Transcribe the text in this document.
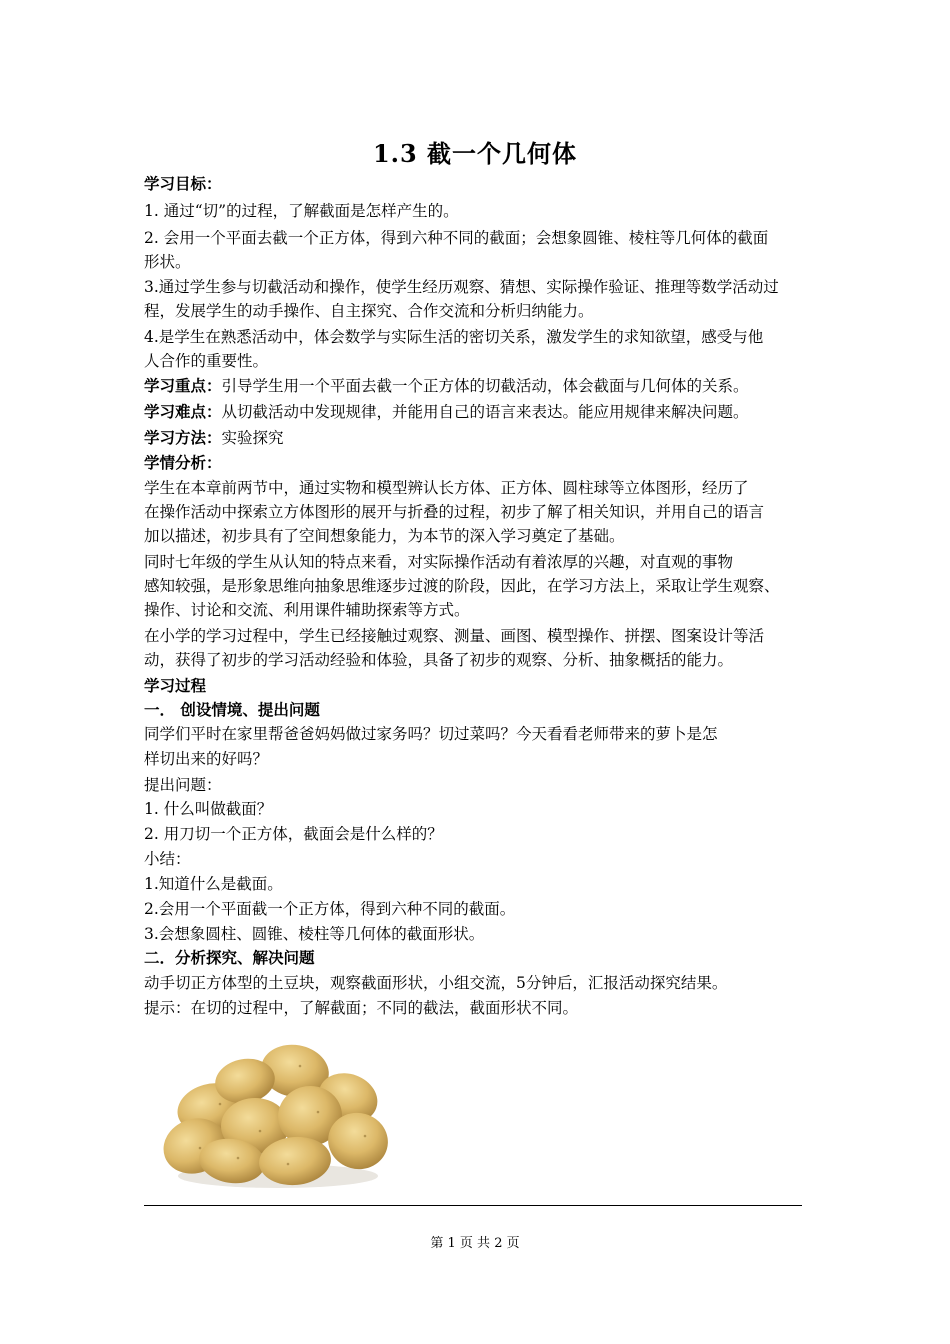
1.3 截一个几何体
学习目标：
1. 通过“切”的过程，了解截面是怎样产生的。
2. 会用一个平面去截一个正方体，得到六种不同的截面；会想象圆锥、棱柱等几何体的截面
形状。
3.通过学生参与切截活动和操作，使学生经历观察、猜想、实际操作验证、推理等数学活动过
程，发展学生的动手操作、自主探究、合作交流和分析归纳能力。
4.是学生在熟悉活动中，体会数学与实际生活的密切关系，激发学生的求知欲望，感受与他
人合作的重要性。
学习重点：引导学生用一个平面去截一个正方体的切截活动，体会截面与几何体的关系。
学习难点：从切截活动中发现规律，并能用自己的语言来表达。能应用规律来解决问题。
学习方法：实验探究
学情分析：
学生在本章前两节中，通过实物和模型辨认长方体、正方体、圆柱球等立体图形，经历了
在操作活动中探索立方体图形的展开与折叠的过程，初步了解了相关知识，并用自己的语言
加以描述，初步具有了空间想象能力，为本节的深入学习奠定了基础。
同时七年级的学生从认知的特点来看，对实际操作活动有着浓厚的兴趣，对直观的事物
感知较强，是形象思维向抽象思维逐步过渡的阶段，因此，在学习方法上，采取让学生观察、
操作、讨论和交流、利用课件辅助探索等方式。
在小学的学习过程中，学生已经接触过观察、测量、画图、模型操作、拼摆、图案设计等活
动，获得了初步的学习活动经验和体验，具备了初步的观察、分析、抽象概括的能力。
学习过程
一． 创设情境、提出问题
同学们平时在家里帮爸爸妈妈做过家务吗？切过菜吗？今天看看老师带来的萝卜是怎
样切出来的好吗？
提出问题：
1. 什么叫做截面？
2. 用刀切一个正方体，截面会是什么样的？
小结：
1.知道什么是截面。
2.会用一个平面截一个正方体，得到六种不同的截面。
3.会想象圆柱、圆锥、棱柱等几何体的截面形状。
二．分析探究、解决问题
动手切正方体型的土豆块，观察截面形状，小组交流，5分钟后，汇报活动探究结果。
提示：在切的过程中，了解截面；不同的截法，截面形状不同。
第 1 页 共 2 页
